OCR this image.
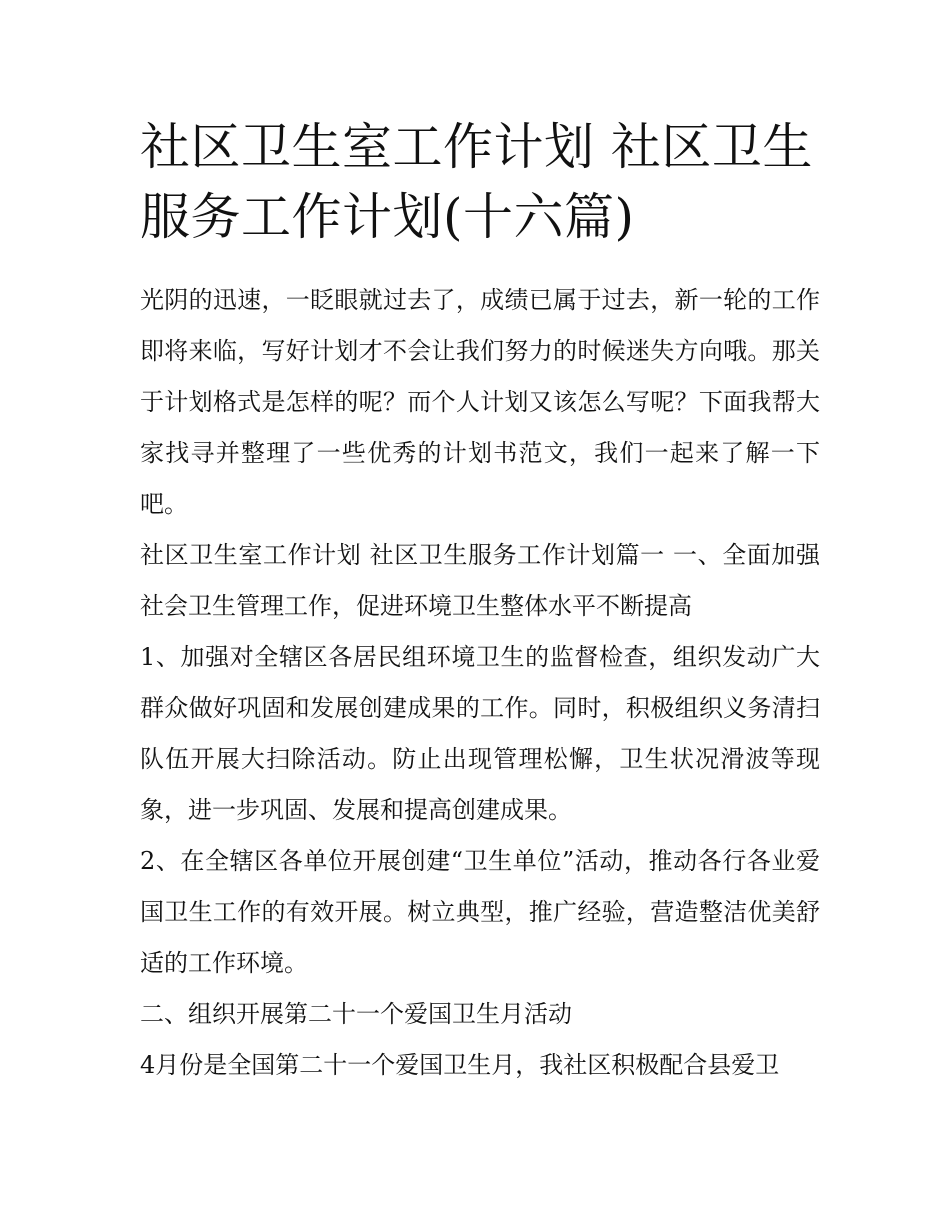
社区卫生室工作计划 社区卫生服务工作计划(十六篇)

光阴的迅速，一眨眼就过去了，成绩已属于过去，新一轮的工作即将来临，写好计划才不会让我们努力的时候迷失方向哦。那关于计划格式是怎样的呢？而个人计划又该怎么写呢？下面我帮大家找寻并整理了一些优秀的计划书范文，我们一起来了解一下吧。

社区卫生室工作计划 社区卫生服务工作计划篇一 一、全面加强社会卫生管理工作，促进环境卫生整体水平不断提高

1、加强对全辖区各居民组环境卫生的监督检查，组织发动广大群众做好巩固和发展创建成果的工作。同时，积极组织义务清扫队伍开展大扫除活动。防止出现管理松懈，卫生状况滑波等现象，进一步巩固、发展和提高创建成果。

2、在全辖区各单位开展创建“卫生单位”活动，推动各行各业爱国卫生工作的有效开展。树立典型，推广经验，营造整洁优美舒适的工作环境。

二、组织开展第二十一个爱国卫生月活动

4月份是全国第二十一个爱国卫生月，我社区积极配合县爱卫
